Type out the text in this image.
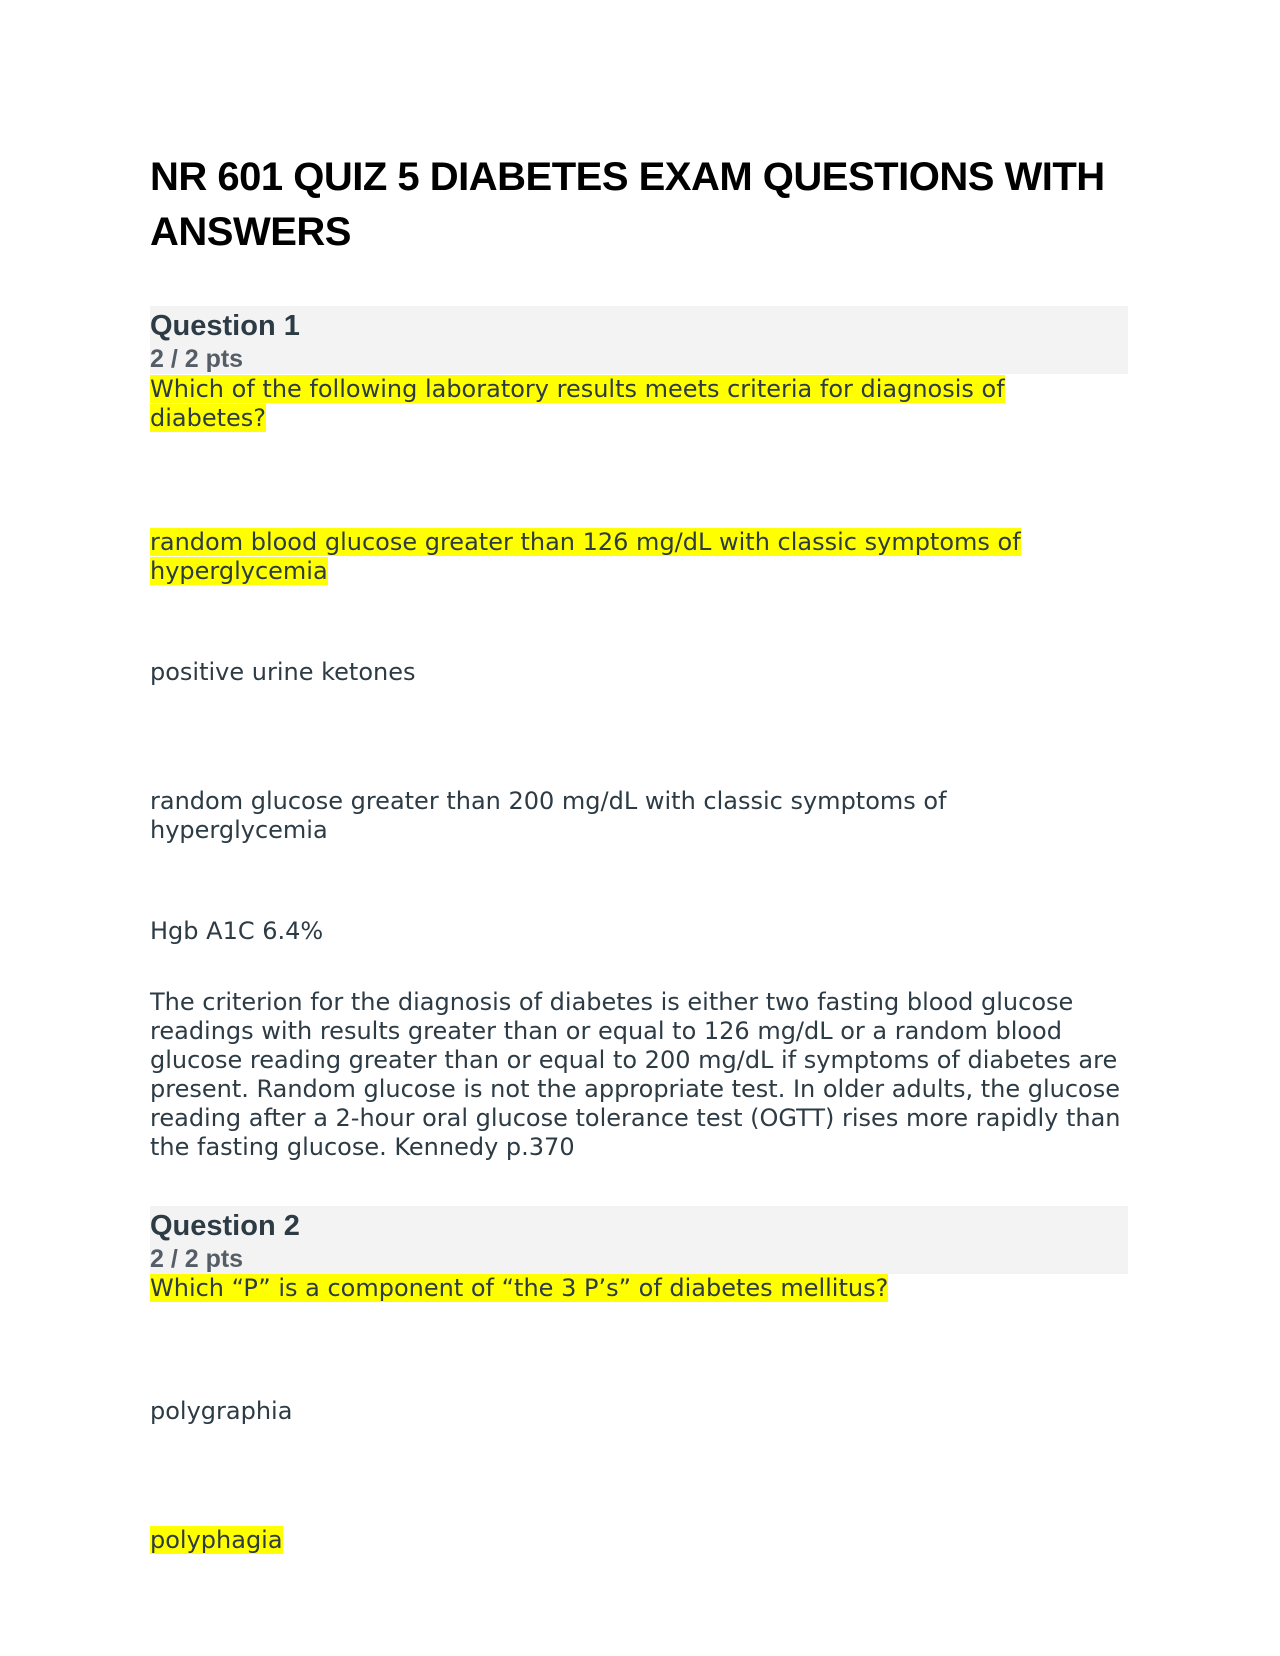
NR 601 QUIZ 5 DIABETES EXAM QUESTIONS WITH ANSWERS
Question 1
2 / 2 pts

Which of the following laboratory results meets criteria for diagnosis of diabetes?

random blood glucose greater than 126 mg/dL with classic symptoms of hyperglycemia

positive urine ketones

random glucose greater than 200 mg/dL with classic symptoms of hyperglycemia

Hgb A1C 6.4%

The criterion for the diagnosis of diabetes is either two fasting blood glucose readings with results greater than or equal to 126 mg/dL or a random blood glucose reading greater than or equal to 200 mg/dL if symptoms of diabetes are present. Random glucose is not the appropriate test. In older adults, the glucose reading after a 2-hour oral glucose tolerance test (OGTT) rises more rapidly than the fasting glucose. Kennedy p.370

Question 2
2 / 2 pts

Which “P” is a component of “the 3 P’s” of diabetes mellitus?

polygraphia

polyphagia
